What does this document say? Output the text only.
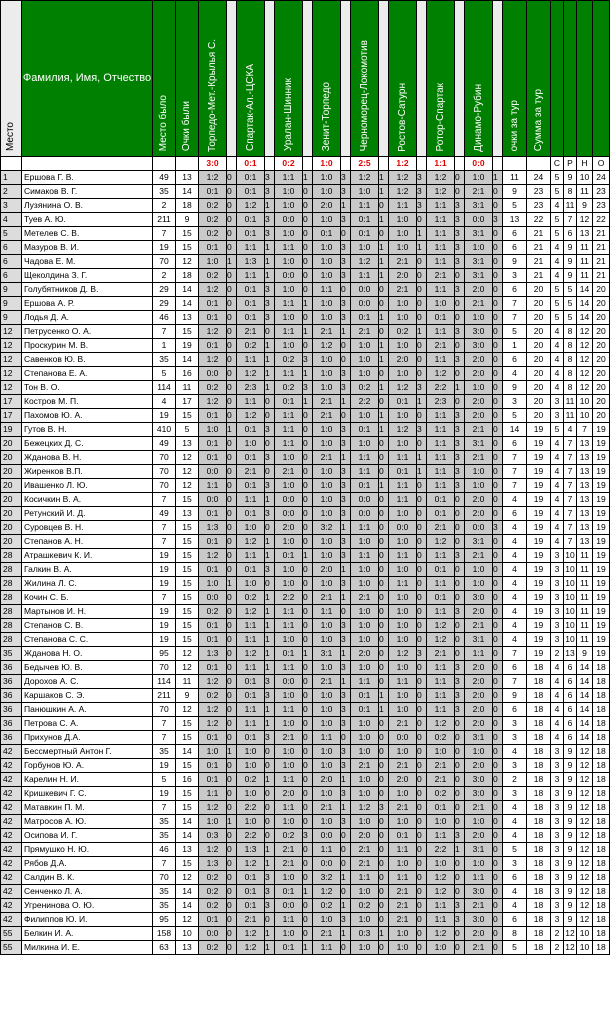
Место	Фамилия, Имя, Отчество	Место было	Очки были	Торпедо-Мет.-Крылья С.		Спартак-Ал.-ЦСКА		Уралан-Шинник		Зенит-Торпедо		Черноморец-Локомотив		Ростов-Сатурн		Ротор-Спартак		Динамо-Рубин		очки за тур	Сумма за тур				
				3:0		0:1		0:2		1:0		2:5		1:2		1:1		0:0				С	Р	Н	О
1	Ершова Г. В.	49	13	1:2	0	0:1	3	1:1	1	1:0	3	1:2	1	1:2	3	1:2	0	1:0	1	11	24	5	9	10	24
2	Симаков В. Г.	35	14	0:1	0	0:1	3	1:0	0	1:0	3	1:0	1	1:2	3	1:2	0	2:1	0	9	23	5	8	11	23
3	Лузянина О. В.	2	18	0:2	0	1:2	1	1:0	0	2:0	1	1:1	0	1:1	3	1:1	3	3:1	0	5	23	4	11	9	23
4	Туев А. Ю.	211	9	0:2	0	0:1	3	0:0	0	1:0	3	0:1	1	1:0	0	1:1	3	0:0	3	13	22	5	7	12	22
5	Метелев С. В.	7	15	0:2	0	0:1	3	1:0	0	0:1	0	0:1	0	1:0	1	1:1	3	3:1	0	6	21	5	6	13	21
6	Мазуров В. И.	19	15	0:1	0	1:1	1	1:1	0	1:0	3	1:0	1	1:0	1	1:1	3	1:0	0	6	21	4	9	11	21
6	Чадова Е. М.	70	12	1:0	1	1:3	1	1:0	0	1:0	3	1:2	1	2:1	0	1:1	3	3:1	0	9	21	4	9	11	21
6	Щеколдина З. Г.	2	18	0:2	0	1:1	1	0:0	0	1:0	3	1:1	1	2:0	0	2:1	0	3:1	0	3	21	4	9	11	21
9	Голубятников Д. В.	29	14	1:2	0	0:1	3	1:0	0	1:1	0	0:0	0	2:1	0	1:1	3	2:0	0	6	20	5	5	14	20
9	Ершова А. Р.	29	14	0:1	0	0:1	3	1:1	1	1:0	3	0:0	0	1:0	0	1:0	0	2:1	0	7	20	5	5	14	20
9	Лодья Д. А.	46	13	0:1	0	0:1	3	1:0	0	1:0	3	0:1	1	1:0	0	0:1	0	1:0	0	7	20	5	5	14	20
12	Петрусенко О. А.	7	15	1:2	0	2:1	0	1:1	1	2:1	1	2:1	0	0:2	1	1:1	3	3:0	0	5	20	4	8	12	20
12	Проскурин М. В.	1	19	0:1	0	0:2	1	1:0	0	1:2	0	1:0	1	1:0	0	2:1	0	3:0	0	1	20	4	8	12	20
12	Савенков Ю. В.	35	14	1:2	0	1:1	1	0:2	3	1:0	0	1:0	1	2:0	0	1:1	3	2:0	0	6	20	4	8	12	20
12	Степанова Е. А.	5	16	0:0	0	1:2	1	1:1	1	1:0	3	1:0	0	1:0	0	1:2	0	2:0	0	4	20	4	8	12	20
12	Тон В. О.	114	11	0:2	0	2:3	1	0:2	3	1:0	3	0:2	1	1:2	3	2:2	1	1:0	0	9	20	4	8	12	20
17	Костров М. П.	4	17	1:2	0	1:1	0	0:1	1	2:1	1	2:2	0	0:1	1	2:3	0	2:0	0	3	20	3	11	10	20
17	Пахомов Ю. А.	19	15	0:1	0	1:2	0	1:1	0	2:1	0	1:0	1	1:0	0	1:1	3	2:0	0	5	20	3	11	10	20
19	Гутов В. Н.	410	5	1:0	1	0:1	3	1:1	0	1:0	3	0:1	1	1:2	3	1:1	3	2:1	0	14	19	5	4	7	19
20	Бежецких Д. С.	49	13	0:1	0	1:0	0	1:1	0	1:0	3	1:0	0	1:0	0	1:1	3	3:1	0	6	19	4	7	13	19
20	Жданова В. Н.	70	12	0:1	0	0:1	3	1:0	0	2:1	1	1:1	0	1:1	1	1:1	3	2:1	0	7	19	4	7	13	19
20	Жиренков В.П.	70	12	0:0	0	2:1	0	2:1	0	1:0	3	1:1	0	0:1	1	1:1	3	1:0	0	7	19	4	7	13	19
20	Ивашенко Л. Ю.	70	12	1:1	0	0:1	3	1:0	0	1:0	3	0:1	1	1:1	0	1:1	3	1:0	0	7	19	4	7	13	19
20	Косичкин В. А.	7	15	0:0	0	1:1	1	0:0	0	1:0	3	0:0	0	1:1	0	0:1	0	2:0	0	4	19	4	7	13	19
20	Ретунский И. Д.	49	13	0:1	0	0:1	3	0:0	0	1:0	3	0:0	0	1:0	0	0:1	0	2:0	0	6	19	4	7	13	19
20	Суровцев В. Н.	7	15	1:3	0	1:0	0	2:0	0	3:2	1	1:1	0	0:0	0	2:1	0	0:0	3	4	19	4	7	13	19
20	Степанов А. Н.	7	15	0:1	0	1:2	1	1:0	0	1:0	3	1:0	0	1:0	0	1:2	0	3:1	0	4	19	4	7	13	19
28	Атрашкевич К. И.	19	15	1:2	0	1:1	1	0:1	1	1:0	3	1:1	0	1:1	0	1:1	3	2:1	0	4	19	3	10	11	19
28	Галкин В. А.	19	15	0:1	0	0:1	3	1:0	0	2:0	1	1:0	0	1:0	0	0:1	0	1:0	0	4	19	3	10	11	19
28	Жилина Л. С.	19	15	1:0	1	1:0	0	1:0	0	1:0	3	1:0	0	1:1	0	1:1	0	1:0	0	4	19	3	10	11	19
28	Кочин С. Б.	7	15	0:0	0	0:2	1	2:2	0	2:1	1	2:1	0	1:0	0	0:1	0	3:0	0	4	19	3	10	11	19
28	Мартынов И. Н.	19	15	0:2	0	1:2	1	1:1	0	1:1	0	1:0	0	1:0	0	1:1	3	2:0	0	4	19	3	10	11	19
28	Степанов С. В.	19	15	0:1	0	1:1	1	1:1	0	1:0	3	1:0	0	1:0	0	1:2	0	2:1	0	4	19	3	10	11	19
28	Степанова С. С.	19	15	0:1	0	1:1	1	1:0	0	1:0	3	1:0	0	1:0	0	1:2	0	3:1	0	4	19	3	10	11	19
35	Жданова Н. О.	95	12	1:3	0	1:2	1	0:1	1	3:1	1	2:0	0	1:2	3	2:1	0	1:1	0	7	19	2	13	9	19
36	Бедычев Ю. В.	70	12	0:1	0	1:1	1	1:1	0	1:0	3	1:0	0	1:0	0	1:1	3	2:0	0	6	18	4	6	14	18
36	Дорохов А. С.	114	11	1:2	0	0:1	3	0:0	0	2:1	1	1:1	0	1:1	0	1:1	3	2:0	0	7	18	4	6	14	18
36	Каршаков С. Э.	211	9	0:2	0	0:1	3	1:0	0	1:0	3	0:1	1	1:0	0	1:1	3	2:0	0	9	18	4	6	14	18
36	Панюшкин А. А.	70	12	1:2	0	1:1	1	1:1	0	1:0	3	0:1	1	1:0	0	1:1	3	2:0	0	6	18	4	6	14	18
36	Петрова С. А.	7	15	1:2	0	1:1	1	1:0	0	1:0	3	1:0	0	2:1	0	1:2	0	2:0	0	3	18	4	6	14	18
36	Прихунов Д.А.	7	15	0:1	0	0:1	3	2:1	0	1:1	0	1:0	0	0:0	0	0:2	0	3:1	0	3	18	4	6	14	18
42	Бессмертный Антон Г.	35	14	1:0	1	1:0	0	1:0	0	1:0	3	1:0	0	1:0	0	1:0	0	1:0	0	4	18	3	9	12	18
42	Горбунов Ю. А.	19	15	0:1	0	1:0	0	1:0	0	1:0	3	2:1	0	2:1	0	2:1	0	2:0	0	3	18	3	9	12	18
42	Карелин Н. И.	5	16	0:1	0	0:2	1	1:1	0	2:0	1	1:0	0	2:0	0	2:1	0	3:0	0	2	18	3	9	12	18
42	Кришкевич Г. С.	19	15	1:1	0	1:0	0	2:0	0	1:0	3	1:0	0	1:0	0	0:2	0	3:0	0	3	18	3	9	12	18
42	Матавкин П. М.	7	15	1:2	0	2:2	0	1:1	0	2:1	1	1:2	3	2:1	0	0:1	0	2:1	0	4	18	3	9	12	18
42	Матросов А. Ю.	35	14	1:0	1	1:0	0	1:0	0	1:0	3	1:0	0	1:0	0	1:0	0	1:0	0	4	18	3	9	12	18
42	Осипова И. Г.	35	14	0:3	0	2:2	0	0:2	3	0:0	0	2:0	0	0:1	0	1:1	3	2:0	0	4	18	3	9	12	18
42	Прямушко Н. Ю.	46	13	1:2	0	1:3	1	2:1	0	1:1	0	2:1	0	1:1	0	2:2	1	3:1	0	5	18	3	9	12	18
42	Рябов Д.А.	7	15	1:3	0	1:2	1	2:1	0	0:0	0	2:1	0	1:0	0	1:0	0	1:0	0	3	18	3	9	12	18
42	Салдин В. К.	70	12	0:2	0	0:1	3	1:0	0	3:2	1	1:1	0	1:1	0	1:2	0	1:1	0	6	18	3	9	12	18
42	Сенченко Л. А.	35	14	0:2	0	0:1	3	0:1	1	1:2	0	1:0	0	2:1	0	1:2	0	3:0	0	4	18	3	9	12	18
42	Угренинова О. Ю.	35	14	0:2	0	0:1	3	0:0	0	0:2	1	0:2	0	2:1	0	1:1	3	2:1	0	4	18	3	9	12	18
42	Филиппов Ю. И.	95	12	0:1	0	2:1	0	1:1	0	1:0	3	1:0	0	2:1	0	1:1	3	3:0	0	6	18	3	9	12	18
55	Белкин И. А.	158	10	0:0	0	1:2	1	1:0	0	2:1	1	0:3	1	1:0	0	1:2	0	2:0	0	8	18	2	12	10	18
55	Милкина И. Е.	63	13	0:2	0	1:2	1	0:1	1	1:1	0	1:0	0	1:0	0	1:0	0	2:1	0	5	18	2	12	10	18
